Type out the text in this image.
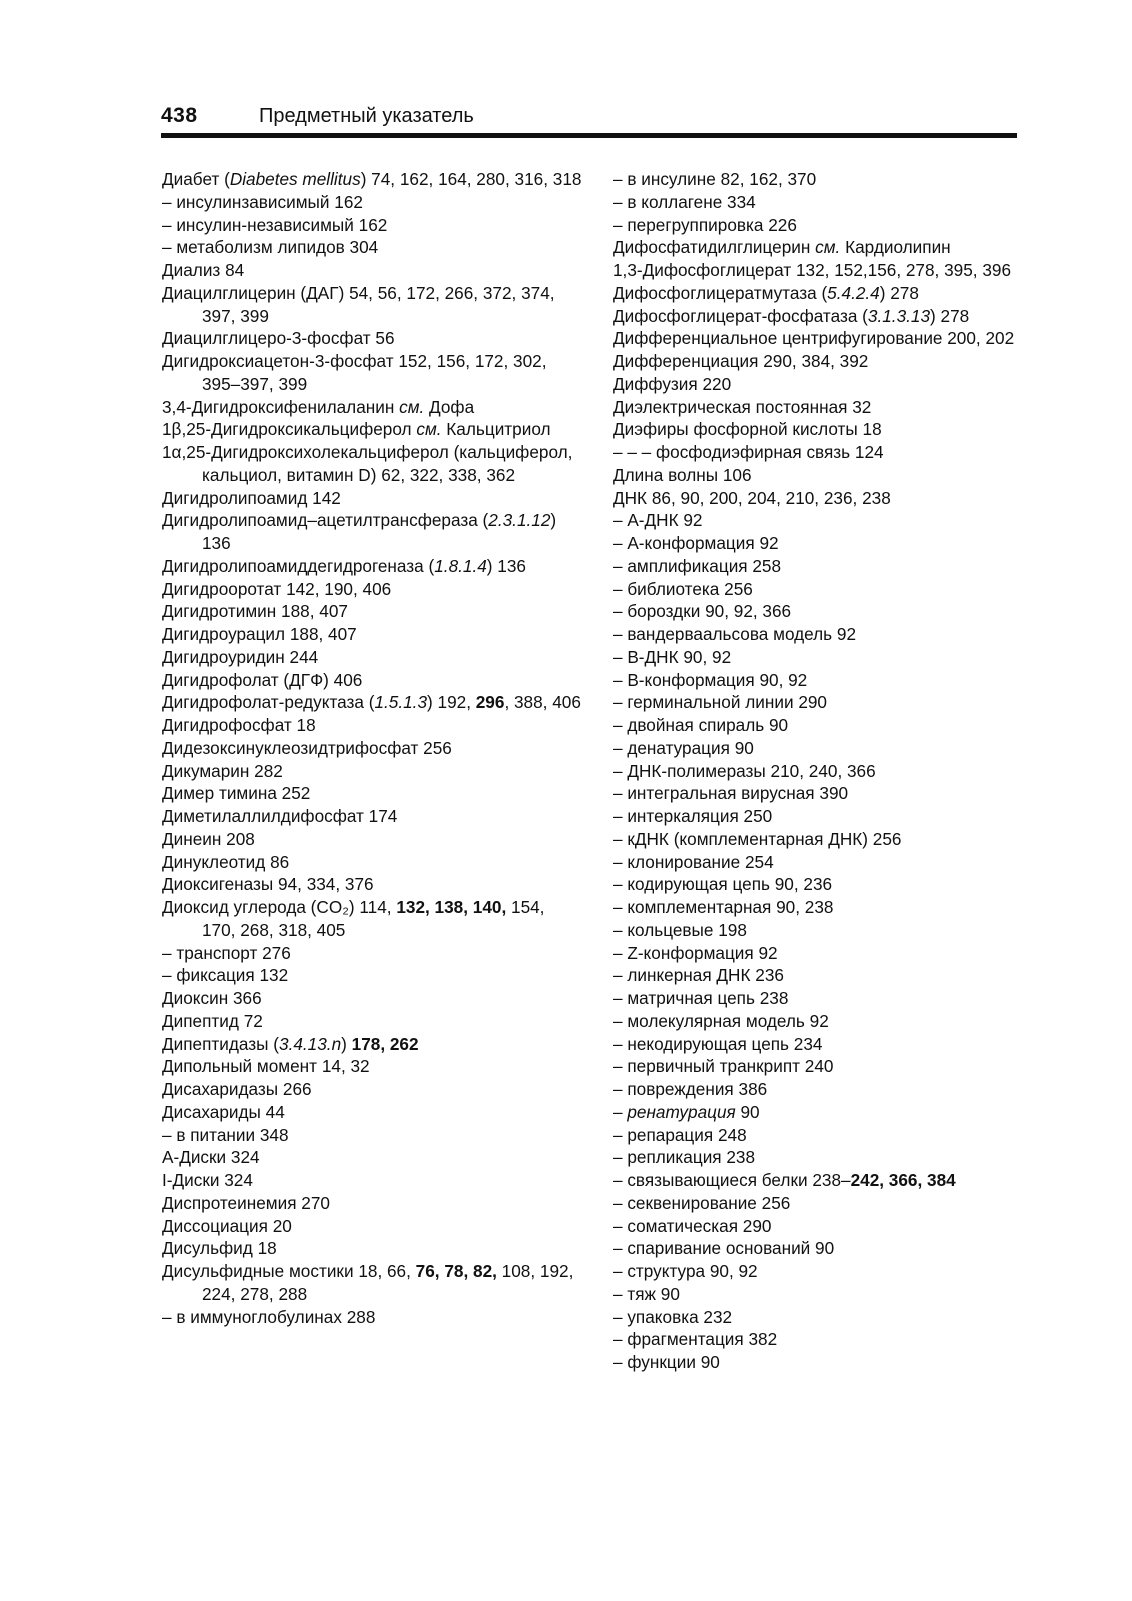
438	Предметный указатель
Диабет (Diabetes mellitus) 74, 162, 164, 280, 316, 318
– инсулинзависимый 162
– инсулин-независимый 162
– метаболизм липидов 304
Диализ 84
Диацилглицерин (ДАГ) 54, 56, 172, 266, 372, 374, 397, 399
Диацилглицеро-3-фосфат 56
Дигидроксиацетон-3-фосфат 152, 156, 172, 302, 395–397, 399
3,4-Дигидроксифенилаланин см. Дофа
1β,25-Дигидроксикальциферол см. Кальцитриол
1α,25-Дигидроксихолекальциферол (кальциферол, кальциол, витамин D) 62, 322, 338, 362
Дигидролипоамид 142
Дигидролипоамид–ацетилтрансфераза (2.3.1.12) 136
Дигидролипоамиддегидрогеназа (1.8.1.4) 136
Дигидрооротат 142, 190, 406
Дигидротимин 188, 407
Дигидроурацил 188, 407
Дигидроуридин 244
Дигидрофолат (ДГФ) 406
Дигидрофолат-редуктаза (1.5.1.3) 192, 296, 388, 406
Дигидрофосфат 18
Дидезоксинуклеозидтрифосфат 256
Дикумарин 282
Димер тимина 252
Диметилаллилдифосфат 174
Динеин 208
Динуклеотид 86
Диоксигеназы 94, 334, 376
Диоксид углерода (CO₂) 114, 132, 138, 140, 154, 170, 268, 318, 405
– транспорт 276
– фиксация 132
Диоксин 366
Дипептид 72
Дипептидазы (3.4.13.n) 178, 262
Дипольный момент 14, 32
Дисахаридазы 266
Дисахариды 44
– в питании 348
А-Диски 324
I-Диски 324
Диспротеинемия 270
Диссоциация 20
Дисульфид 18
Дисульфидные мостики 18, 66, 76, 78, 82, 108, 192, 224, 278, 288
– в иммуноглобулинах 288
– в инсулине 82, 162, 370
– в коллагене 334
– перегруппировка 226
Дифосфатидилглицерин см. Кардиолипин
1,3-Дифосфоглицерат 132, 152,156, 278, 395, 396
Дифосфоглицератмутаза (5.4.2.4) 278
Дифосфоглицерат-фосфатаза (3.1.3.13) 278
Дифференциальное центрифугирование 200, 202
Дифференциация 290, 384, 392
Диффузия 220
Диэлектрическая постоянная 32
Диэфиры фосфорной кислоты 18
– – – фосфодиэфирная связь 124
Длина волны 106
ДНК 86, 90, 200, 204, 210, 236, 238
– А-ДНК 92
– А-конформация 92
– амплификация 258
– библиотека 256
– бороздки 90, 92, 366
– вандерваальсова модель 92
– В-ДНК 90, 92
– В-конформация 90, 92
– герминальной линии 290
– двойная спираль 90
– денатурация 90
– ДНК-полимеразы 210, 240, 366
– интегральная вирусная 390
– интеркаляция 250
– кДНК (комплементарная ДНК) 256
– клонирование 254
– кодирующая цепь 90, 236
– комплементарная 90, 238
– кольцевые 198
– Z-конформация 92
– линкерная ДНК 236
– матричная цепь 238
– молекулярная модель 92
– некодирующая цепь 234
– первичный транкрипт 240
– повреждения 386
– ренатурация 90
– репарация 248
– репликация 238
– связывающиеся белки 238–242, 366, 384
– секвенирование 256
– соматическая 290
– спаривание оснований 90
– структура 90, 92
– тяж 90
– упаковка 232
– фрагментация 382
– функции 90
